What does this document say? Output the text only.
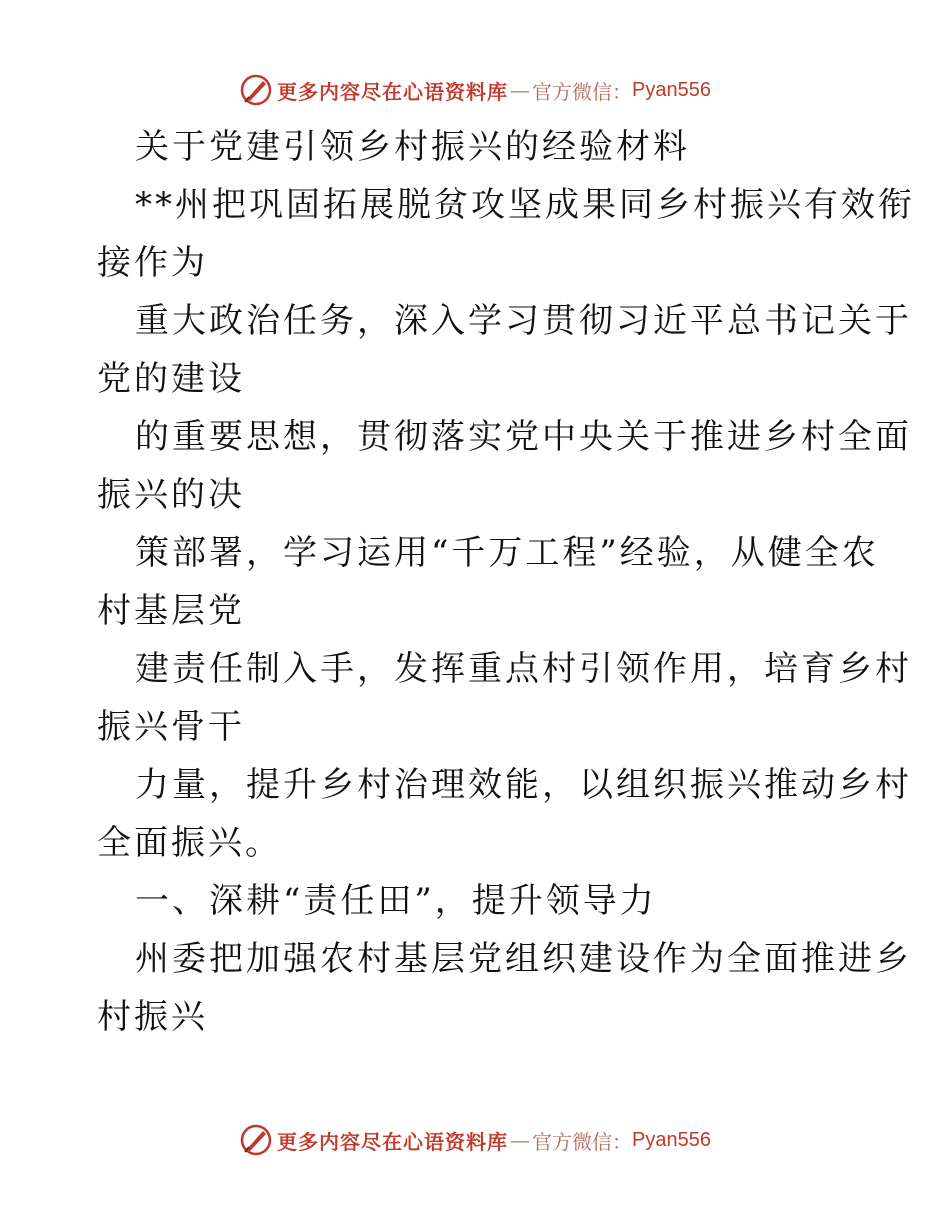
更多内容尽在心语资料库 — 官方微信： Pyan556
关于党建引领乡村振兴的经验材料
**州把巩固拓展脱贫攻坚成果同乡村振兴有效衔
接作为
重大政治任务，深入学习贯彻习近平总书记关于
党的建设
的重要思想，贯彻落实党中央关于推进乡村全面
振兴的决
策部署，学习运用“千万工程”经验，从健全农
村基层党
建责任制入手，发挥重点村引领作用，培育乡村
振兴骨干
力量，提升乡村治理效能，以组织振兴推动乡村
全面振兴。
一、深耕“责任田”，提升领导力
州委把加强农村基层党组织建设作为全面推进乡
村振兴
更多内容尽在心语资料库 — 官方微信： Pyan556
